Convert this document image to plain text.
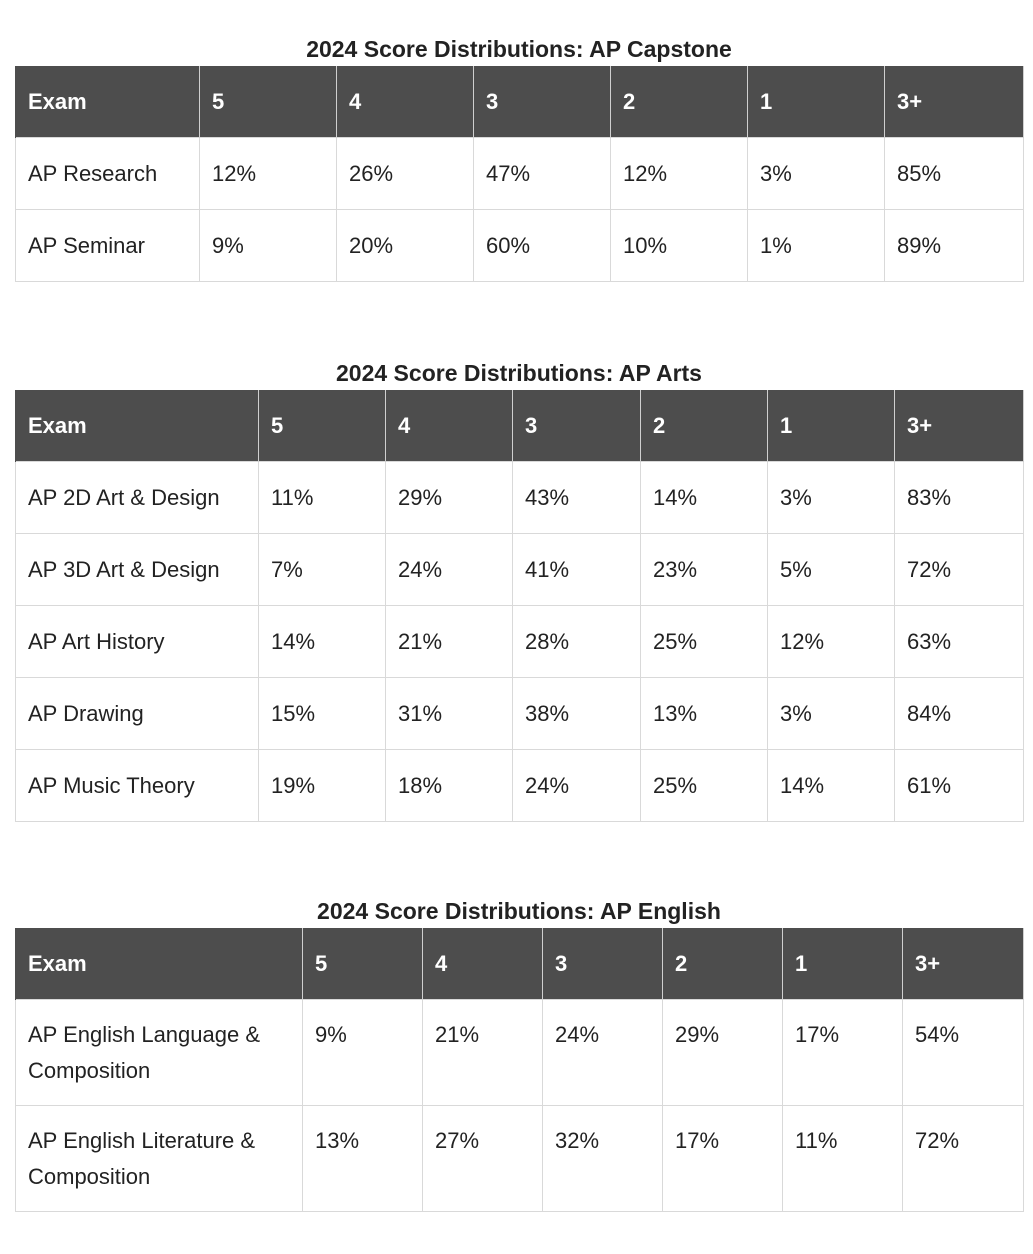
2024 Score Distributions: AP Capstone
Exam	5	4	3	2	1	3+
AP Research	12%	26%	47%	12%	3%	85%
AP Seminar	9%	20%	60%	10%	1%	89%
2024 Score Distributions: AP Arts
Exam	5	4	3	2	1	3+
AP 2D Art & Design	11%	29%	43%	14%	3%	83%
AP 3D Art & Design	7%	24%	41%	23%	5%	72%
AP Art History	14%	21%	28%	25%	12%	63%
AP Drawing	15%	31%	38%	13%	3%	84%
AP Music Theory	19%	18%	24%	25%	14%	61%
2024 Score Distributions: AP English
Exam	5	4	3	2	1	3+
AP English Language & Composition	9%	21%	24%	29%	17%	54%
AP English Literature & Composition	13%	27%	32%	17%	11%	72%
